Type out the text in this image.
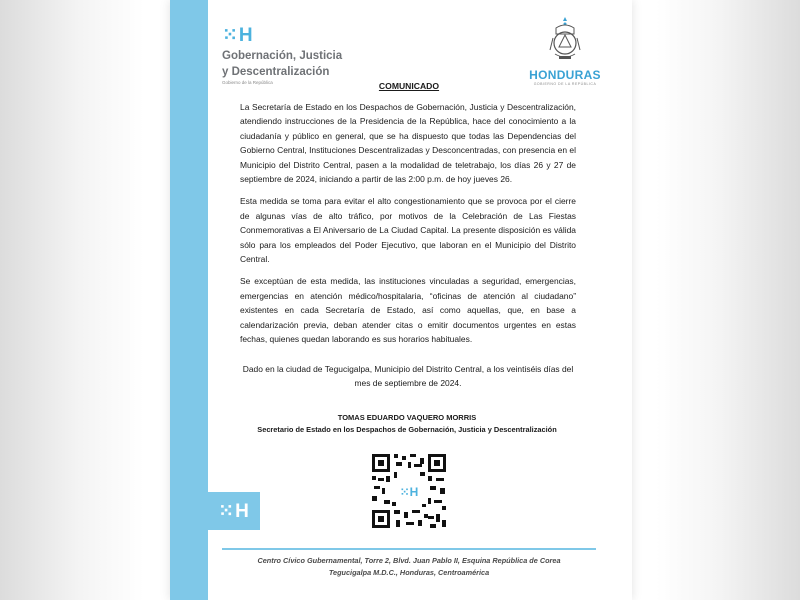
⁙H
⁙H
Gobernación, Justicia
y Descentralización
Gobierno de la República
HONDURAS
GOBIERNO DE LA REPÚBLICA
COMUNICADO

La Secretaría de Estado en los Despachos de Gobernación, Justicia y Descentralización, atendiendo instrucciones de la Presidencia de la República, hace del conocimiento a la ciudadanía y público en general, que se ha dispuesto que todas las Dependencias del Gobierno Central, Instituciones Descentralizadas y Desconcentradas, con presencia en el Municipio del Distrito Central, pasen a la modalidad de teletrabajo, los días 26 y 27 de septiembre de 2024, iniciando a partir de las 2:00 p.m. de hoy jueves 26.

Esta medida se toma para evitar el alto congestionamiento que se provoca por el cierre de algunas vías de alto tráfico, por motivos de la Celebración de Las Fiestas Conmemorativas a El Aniversario de La Ciudad Capital. La presente disposición es válida sólo para los empleados del Poder Ejecutivo, que laboran en el Municipio del Distrito Central.

Se exceptúan de esta medida, las instituciones vinculadas a seguridad, emergencias, emergencias en atención médico/hospitalaria, “oficinas de atención al ciudadano” existentes en cada Secretaría de Estado, así como aquellas, que, en base a calendarización previa, deban atender citas o emitir documentos urgentes en estas fechas, quienes quedan laborando es sus horarios habituales.

Dado en la ciudad de Tegucigalpa, Municipio del Distrito Central, a los veintiséis días del mes de septiembre de 2024.
TOMAS EDUARDO VAQUERO MORRIS
Secretario de Estado en los Despachos de Gobernación, Justicia y Descentralización
⁙H
Centro Cívico Gubernamental, Torre 2, Blvd. Juan Pablo II, Esquina República de Corea
Tegucigalpa M.D.C., Honduras, Centroamérica
